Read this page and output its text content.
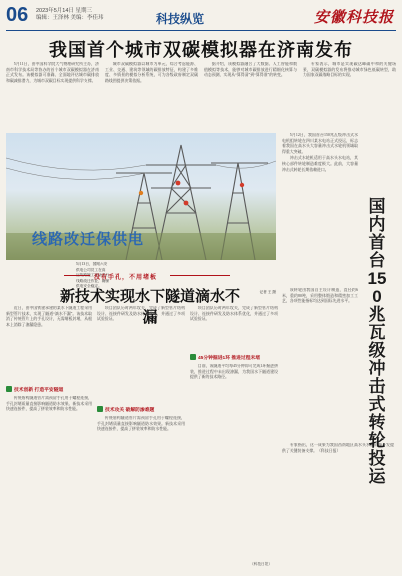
06 2023年5月14日 星期三
编辑：王泽林 美编：李佳玮	科技纵览	安徽科技报
我国首个城市双碳模拟器在济南发布

5月11日，由中国科学院大气物理研究所主办，济南市科学技术局等协办的首个城市双碳模拟器在济南正式发布。该模拟器可准确、全面地评估城市碳排放和碳减排潜力，为城市双碳目标实现提供科学支撑。

城市双碳模拟器以城市为单元，综合考虑能源、工业、交通、建筑等领域的碳排放特征，构建了多维度、多情景的模拟分析系统，可为各级政府制定双碳路线图提供决策依据。

据介绍，该模拟器融合了大数据、人工智能和数值模拟等技术，能够对城市碳排放进行精细化核算与动态预测，实现从“算得清”到“算得准”的转变。

专家表示，城市是实现碳达峰碳中和的关键场景，双碳模拟器的发布将推动城市绿色低碳转型，助力国家双碳战略目标的实现。

线路改迁保供电
5月13日，国网六安
供电公司员工在高
压线路施工现场进行
线路改迁作业，确保
供电安全稳定。
记者 王 摄

5月12日，我国首台150兆瓦级冲击式水电机组转轮在四川某水电站正式投运，标志着我国在高水头大容量冲击式水轮机领域取得重大突破。

冲击式水轮机适用于高水头水电站，其核心部件转轮制造难度极大。此前，大容量冲击式转轮长期依赖进口。

该转轮由我国自主设计制造，直径约6米，重约80吨，采用整体锻造和精密加工工艺，各项性能指标均达到国际先进水平。

专家指出，这一成果为我国西南地区高水头水能资源开发提供了关键装备支撑。（科技日报）

国内首台150兆瓦级冲击式转轮投运
没有手孔，不用堵板
新技术实现水下隧道滴水不漏

近日，由中国铁建承建的某水下隧道工程采用新型管片技术，实现了隧道“滴水不漏”。该技术取消了传统管片上的手孔设计，无需堵板封堵，从根本上消除了渗漏隐患。

技术创新 打造平安隧道

传统盾构隧道管片需预留手孔用于螺栓连接，手孔封堵质量直接影响隧道防水效果。新技术采用快速连接件，提高了拼装效率和防水性能。

项目团队历时两年攻关，完成了新型管片结构设计、连接件研发及防水体系优化，并通过了多项试验验证。

技术攻关 破解防渗难题

传统盾构隧道管片需预留手孔用于螺栓连接，手孔封堵质量直接影响隧道防水效果。新技术采用快速连接件，提高了拼装效率和防水性能。

项目团队历时两年攻关，完成了新型管片结构设计、连接件研发及防水体系优化，并通过了多项试验验证。

45分钟掘进1环 推进过程未堵

目前，该隧道平均每45分钟即可完成1环掘进拼装，推进过程中未出现渗漏，为我国水下隧道建设提供了新的技术路径。

（科技日报）
